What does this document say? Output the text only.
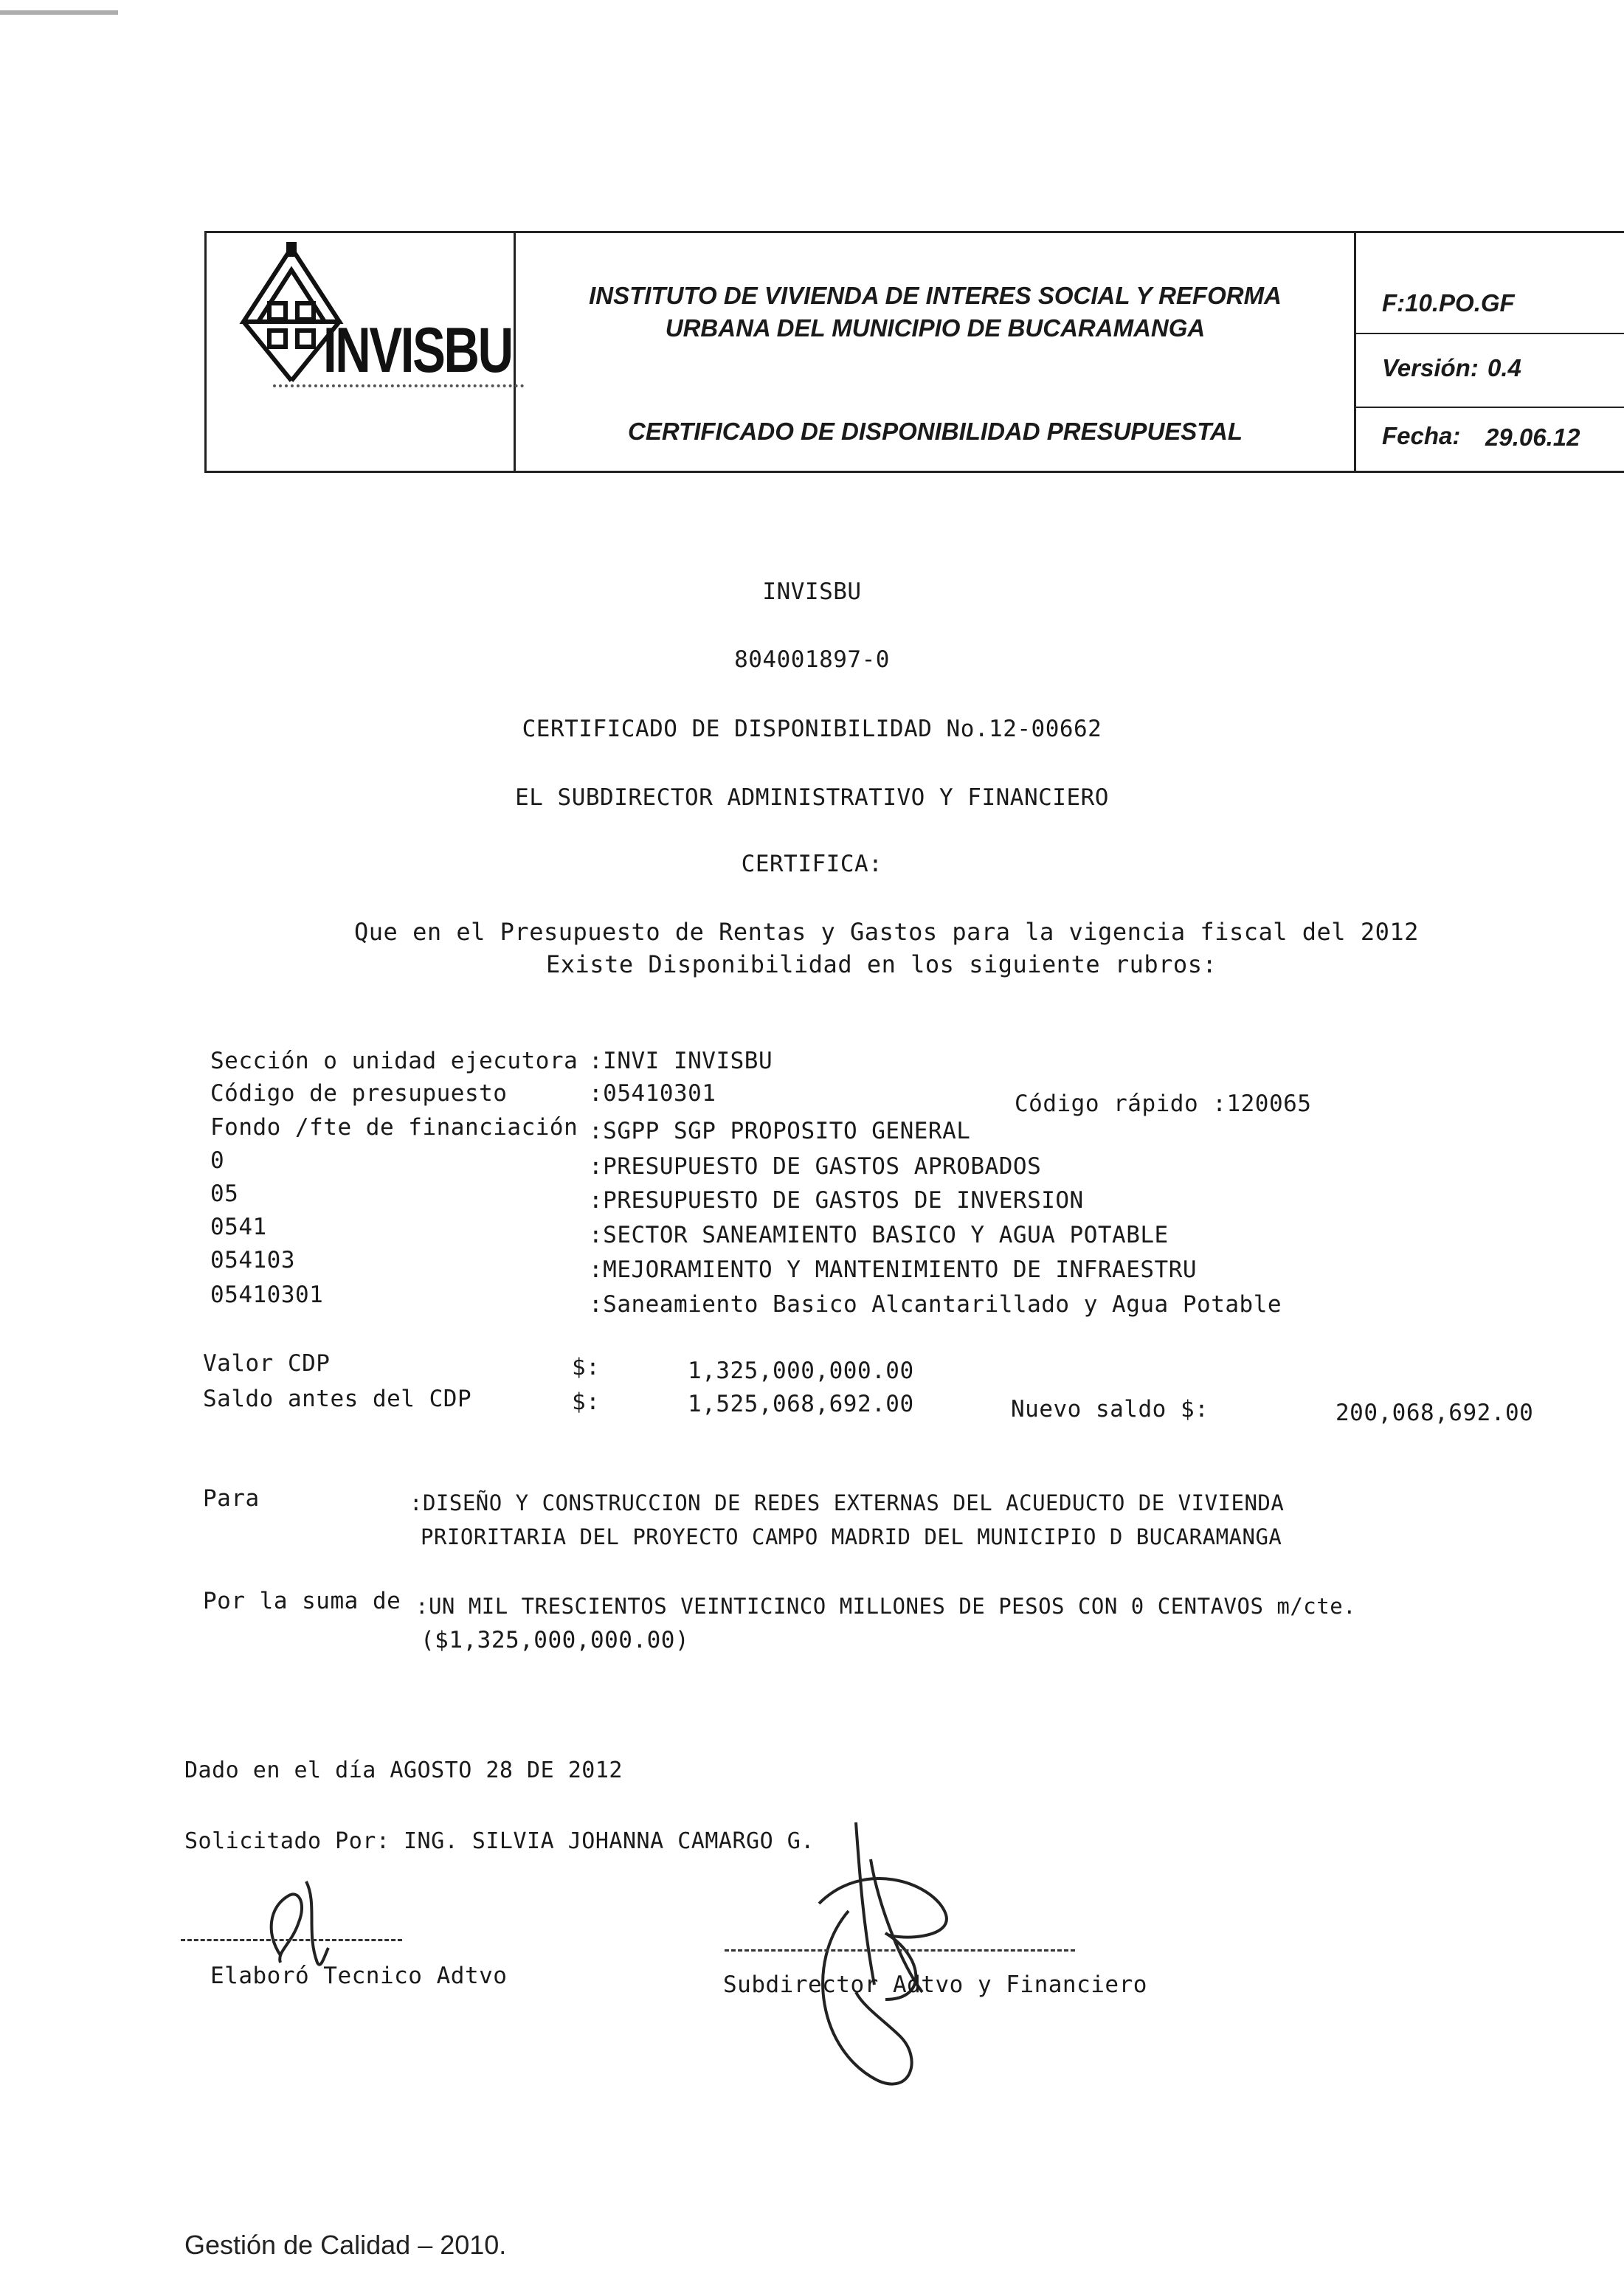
INVISBU
INSTITUTO DE VIVIENDA DE INTERES SOCIAL Y REFORMA
URBANA DEL MUNICIPIO DE BUCARAMANGA
CERTIFICADO DE DISPONIBILIDAD PRESUPUESTAL
F:10.PO.GF
Versión: 0.4
Fecha: 29.06.12
INVISBU
804001897-0
CERTIFICADO DE DISPONIBILIDAD No.12-00662
EL SUBDIRECTOR ADMINISTRATIVO Y FINANCIERO
CERTIFICA:
Que en el Presupuesto de Rentas y Gastos para la vigencia fiscal del 2012
Existe Disponibilidad en los siguiente rubros:
Sección o unidad ejecutora :INVI INVISBU
Código de presupuesto	:05410301	Código rápido :120065
Fondo /fte de financiación :SGPP SGP PROPOSITO GENERAL
0	:PRESUPUESTO DE GASTOS APROBADOS
05	:PRESUPUESTO DE GASTOS DE INVERSION
0541	:SECTOR SANEAMIENTO BASICO Y AGUA POTABLE
054103	:MEJORAMIENTO Y MANTENIMIENTO DE INFRAESTRU
05410301	:Saneamiento Basico Alcantarillado y Agua Potable
Valor CDP	$:	1,325,000,000.00
Saldo antes del CDP	$:	1,525,068,692.00	Nuevo saldo $:	200,068,692.00
Para	:DISEÑO Y CONSTRUCCION DE REDES EXTERNAS DEL ACUEDUCTO DE VIVIENDA
PRIORITARIA DEL PROYECTO CAMPO MADRID DEL MUNICIPIO D BUCARAMANGA
Por la suma de :UN MIL TRESCIENTOS VEINTICINCO MILLONES DE PESOS CON 0 CENTAVOS m/cte.
($1,325,000,000.00)
Dado en el día AGOSTO 28 DE 2012
Solicitado Por: ING. SILVIA JOHANNA CAMARGO G.
Elaboró Tecnico Adtvo	Subdirector Adtvo y Financiero
Gestión de Calidad – 2010.
